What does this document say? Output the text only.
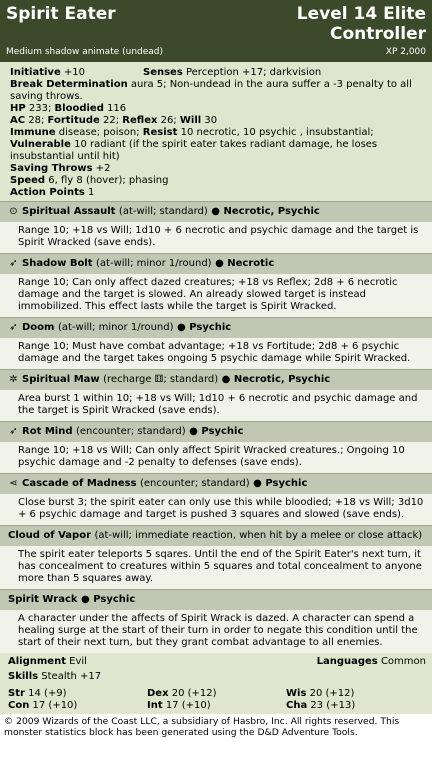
Spirit Eater	Level 14 Elite
Controller
Medium shadow animate (undead)	XP 2,000
Initiative +10	Senses Perception +17; darkvision

Break Determination aura 5; Non-undead in the aura suffer a -3 penalty to all saving throws.

HP 233; Bloodied 116

AC 28; Fortitude 22; Reflex 26; Will 30

Immune disease; poison; Resist 10 necrotic, 10 psychic , insubstantial;

Vulnerable 10 radiant (if the spirit eater takes radiant damage, he loses insubstantial until hit)

Saving Throws +2

Speed 6, fly 8 (hover); phasing

Action Points 1

⊙ Spiritual Assault (at-will; standard) ● Necrotic, Psychic
Range 10; +18 vs Will; 1d10 + 6 necrotic and psychic damage and the target is Spirit Wracked (save ends).
➶ Shadow Bolt (at-will; minor 1/round) ● Necrotic
Range 10; Can only affect dazed creatures; +18 vs Reflex; 2d8 + 6 necrotic damage and the target is slowed. An already slowed target is instead immobilized. This effect lasts while the target is Spirit Wracked.
➶ Doom (at-will; minor 1/round) ● Psychic
Range 10; Must have combat advantage; +18 vs Fortitude; 2d8 + 6 psychic damage and the target takes ongoing 5 psychic damage while Spirit Wracked.
✲ Spiritual Maw (recharge ⚅; standard) ● Necrotic, Psychic
Area burst 1 within 10; +18 vs Will; 1d10 + 6 necrotic and psychic damage and the target is Spirit Wracked (save ends).
➶ Rot Mind (encounter; standard) ● Psychic
Range 10; +18 vs Will; Can only affect Spirit Wracked creatures.; Ongoing 10 psychic damage and -2 penalty to defenses (save ends).
⋖ Cascade of Madness (encounter; standard) ● Psychic
Close burst 3; the spirit eater can only use this while bloodied; +18 vs Will; 3d10 + 6 psychic damage and target is pushed 3 squares and slowed (save ends).
Cloud of Vapor (at-will; immediate reaction, when hit by a melee or close attack)
The spirit eater teleports 5 sqares. Until the end of the Spirit Eater's next turn, it has concealment to creatures within 5 squares and total concealment to anyone more than 5 squares away.
Spirit Wrack ● Psychic
A character under the affects of Spirit Wrack is dazed. A character can spend a healing surge at the start of their turn in order to negate this condition until the start of their next turn, but they grant combat advantage to all enemies.
Alignment Evil	Languages Common
Skills Stealth +17
Str 14 (+9)	Dex 20 (+12)	Wis 20 (+12)
Con 17 (+10)	Int 17 (+10)	Cha 23 (+13)
© 2009 Wizards of the Coast LLC, a subsidiary of Hasbro, Inc. All rights reserved. This monster statistics block has been generated using the D&D Adventure Tools.
